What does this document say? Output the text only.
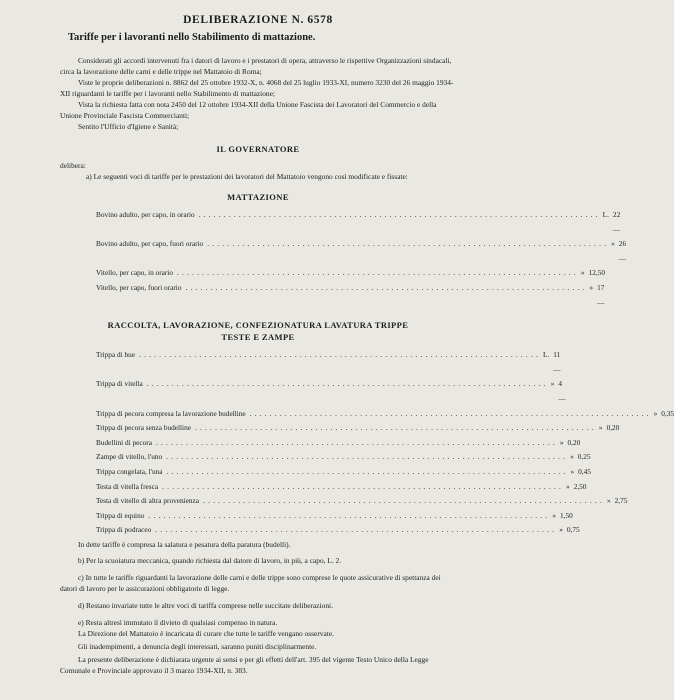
DELIBERAZIONE N. 6578
Tariffe per i lavoranti nello Stabilimento di mattazione.

Considerati gli accordi intervenuti fra i datori di lavoro e i prestatori di opera, attraverso le rispettive Organizzazioni sindacali, circa la lavorazione delle carni e delle trippe nel Mattatoio di Roma;

Viste le proprie deliberazioni n. 8862 del 25 ottobre 1932-X, n. 4068 del 25 luglio 1933-XI, numero 3230 del 26 maggio 1934-XII riguardanti le tariffe per i lavoranti nello Stabilimento di mattazione;

Vista la richiesta fatta con nota 2450 del 12 ottobre 1934-XII della Unione Fascista dei Lavoratori del Commercio e della Unione Provinciale Fascista Commercianti;

Sentito l'Ufficio d'Igiene e Sanità;

IL GOVERNATORE

delibera:

a) Le seguenti voci di tariffe per le prestazioni dei lavoratori del Mattatoio vengono così modificate e fissate:

MATTAZIONE
Bovino adulto, per capo, in orario ................................................................................ L. 22 —
Bovino adulto, per capo, fuori orario ................................................................................ » 26 —
Vitello, per capo, in orario ................................................................................ » 12,50
Vitello, per capo, fuori orario ................................................................................ » 17 —
RACCOLTA, LAVORAZIONE, CONFEZIONATURA LAVATURA TRIPPE
TESTE E ZAMPE
Trippa di bue ................................................................................ L. 11 —
Trippa di vitella ................................................................................ » 4 —
Trippa di pecora compresa la lavorazione budelline ................................................................................ » 0,35
Trippa di pecora senza budelline ................................................................................ » 0,20
Budellini di pecora ................................................................................ » 0,20
Zampe di vitello, l'uno ................................................................................ » 0,25
Trippa congelata, l'una ................................................................................ » 0,45
Testa di vitella fresca ................................................................................ » 2,50
Testa di vitello di altra provenienza ................................................................................ » 2,75
Trippa di equino ................................................................................ » 1,50
Trippa di podraceo ................................................................................ » 0,75

In dette tariffe è compresa la salatura e pesatura della paratura (budelli).

b) Per la scuoiatura meccanica, quando richiesta dal datore di lavoro, in più, a capo, L. 2.

c) In tutte le tariffe riguardanti la lavorazione delle carni e delle trippe sono comprese le quote assicurative di spettanza dei datori di lavoro per le assicurazioni obbligatorie di legge.

d) Restano invariate tutte le altre voci di tariffa comprese nelle succitate deliberazioni.

e) Resta altresì immutato il divieto di qualsiasi compenso in natura.

La Direzione del Mattatoio è incaricata di curare che tutte le tariffe vengano osservate.

Gli inadempimenti, a denuncia degli interessati, saranno puniti disciplinarmente.

La presente deliberazione è dichiarata urgente ai sensi e per gli effetti dell'art. 395 del vigente Testo Unico della Legge Comunale e Provinciale approvato il 3 marzo 1934-XII, n. 383.
